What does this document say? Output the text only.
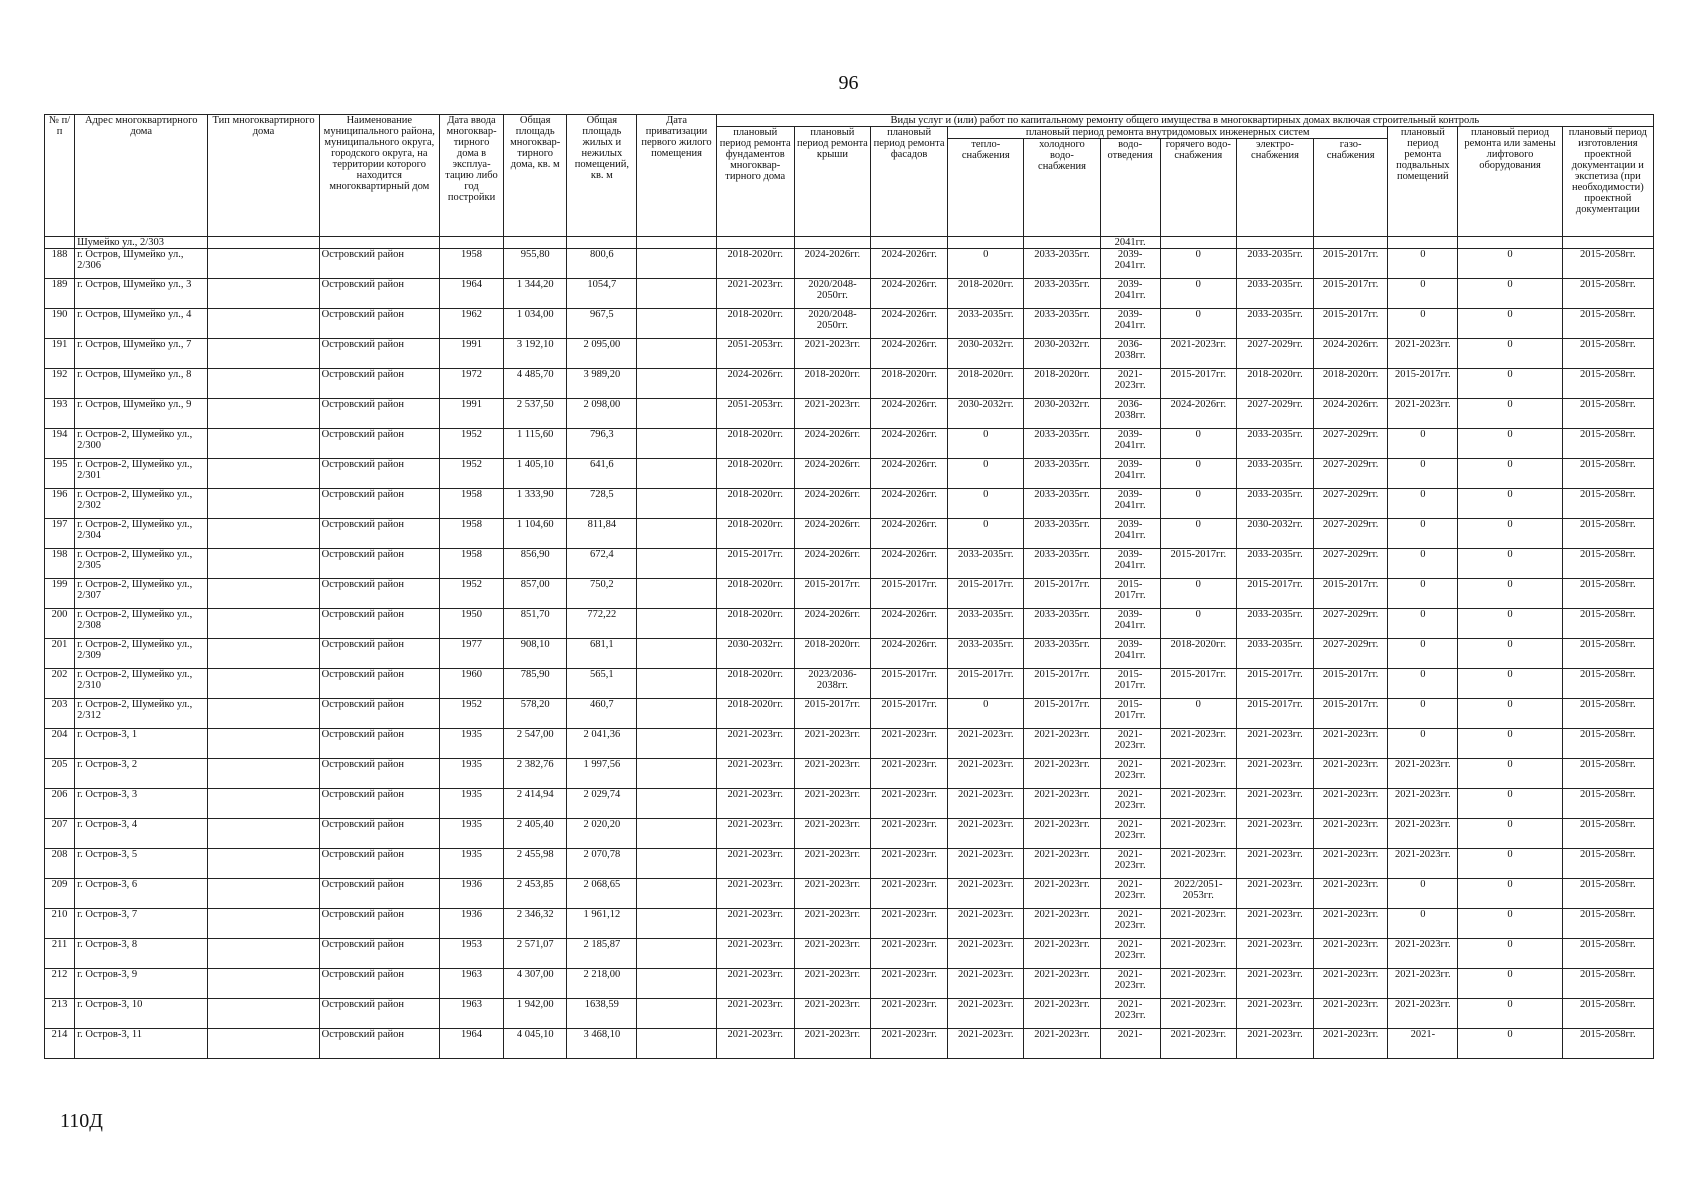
96
№ п/п	Адрес многоквартирного дома	Тип многоквартирного дома	Наименование муниципального района, муниципального округа, городского округа, на территории которого находится многоквартирный дом	Дата ввода многоквар-тирного дома в эксплуа-тацию либо год постройки	Общая площадь многоквар-тирного дома, кв. м	Общая площадь жилых и нежилых помещений, кв. м	Дата приватизации первого жилого помещения	Виды услуг и (или) работ по капитальному ремонту общего имущества в многоквартирных домах включая строительный контроль											
								плановый период ремонта фундаментов многоквар-тирного дома	плановый период ремонта крыши	плановый период ремонта фасадов	плановый период ремонта внутридомовых инженерных систем						плановый период ремонта подвальных помещений	плановый период ремонта или замены лифтового оборудования	плановый период изготовления проектной документации и экспетиза (при необходимости) проектной документации
											тепло-снабжения	холодного водо-снабжения	водо-отведения	горячего водо-снабжения	электро-снабжения	газо-снабжения			
	Шумейко ул., 2/303												2041гг.						
188	г. Остров, Шумейко ул., 2/306		Островский район	1958	955,80	800,6		2018-2020гг.	2024-2026гг.	2024-2026гг.	0	2033-2035гг.	2039-2041гг.	0	2033-2035гг.	2015-2017гг.	0	0	2015-2058гг.
189	г. Остров, Шумейко ул., 3		Островский район	1964	1 344,20	1054,7		2021-2023гг.	2020/2048-2050гг.	2024-2026гг.	2018-2020гг.	2033-2035гг.	2039-2041гг.	0	2033-2035гг.	2015-2017гг.	0	0	2015-2058гг.
190	г. Остров, Шумейко ул., 4		Островский район	1962	1 034,00	967,5		2018-2020гг.	2020/2048-2050гг.	2024-2026гг.	2033-2035гг.	2033-2035гг.	2039-2041гг.	0	2033-2035гг.	2015-2017гг.	0	0	2015-2058гг.
191	г. Остров, Шумейко ул., 7		Островский район	1991	3 192,10	2 095,00		2051-2053гг.	2021-2023гг.	2024-2026гг.	2030-2032гг.	2030-2032гг.	2036-2038гг.	2021-2023гг.	2027-2029гг.	2024-2026гг.	2021-2023гг.	0	2015-2058гг.
192	г. Остров, Шумейко ул., 8		Островский район	1972	4 485,70	3 989,20		2024-2026гг.	2018-2020гг.	2018-2020гг.	2018-2020гг.	2018-2020гг.	2021-2023гг.	2015-2017гг.	2018-2020гг.	2018-2020гг.	2015-2017гг.	0	2015-2058гг.
193	г. Остров, Шумейко ул., 9		Островский район	1991	2 537,50	2 098,00		2051-2053гг.	2021-2023гг.	2024-2026гг.	2030-2032гг.	2030-2032гг.	2036-2038гг.	2024-2026гг.	2027-2029гг.	2024-2026гг.	2021-2023гг.	0	2015-2058гг.
194	г. Остров-2, Шумейко ул., 2/300		Островский район	1952	1 115,60	796,3		2018-2020гг.	2024-2026гг.	2024-2026гг.	0	2033-2035гг.	2039-2041гг.	0	2033-2035гг.	2027-2029гг.	0	0	2015-2058гг.
195	г. Остров-2, Шумейко ул., 2/301		Островский район	1952	1 405,10	641,6		2018-2020гг.	2024-2026гг.	2024-2026гг.	0	2033-2035гг.	2039-2041гг.	0	2033-2035гг.	2027-2029гг.	0	0	2015-2058гг.
196	г. Остров-2, Шумейко ул., 2/302		Островский район	1958	1 333,90	728,5		2018-2020гг.	2024-2026гг.	2024-2026гг.	0	2033-2035гг.	2039-2041гг.	0	2033-2035гг.	2027-2029гг.	0	0	2015-2058гг.
197	г. Остров-2, Шумейко ул., 2/304		Островский район	1958	1 104,60	811,84		2018-2020гг.	2024-2026гг.	2024-2026гг.	0	2033-2035гг.	2039-2041гг.	0	2030-2032гг.	2027-2029гг.	0	0	2015-2058гг.
198	г. Остров-2, Шумейко ул., 2/305		Островский район	1958	856,90	672,4		2015-2017гг.	2024-2026гг.	2024-2026гг.	2033-2035гг.	2033-2035гг.	2039-2041гг.	2015-2017гг.	2033-2035гг.	2027-2029гг.	0	0	2015-2058гг.
199	г. Остров-2, Шумейко ул., 2/307		Островский район	1952	857,00	750,2		2018-2020гг.	2015-2017гг.	2015-2017гг.	2015-2017гг.	2015-2017гг.	2015-2017гг.	0	2015-2017гг.	2015-2017гг.	0	0	2015-2058гг.
200	г. Остров-2, Шумейко ул., 2/308		Островский район	1950	851,70	772,22		2018-2020гг.	2024-2026гг.	2024-2026гг.	2033-2035гг.	2033-2035гг.	2039-2041гг.	0	2033-2035гг.	2027-2029гг.	0	0	2015-2058гг.
201	г. Остров-2, Шумейко ул., 2/309		Островский район	1977	908,10	681,1		2030-2032гг.	2018-2020гг.	2024-2026гг.	2033-2035гг.	2033-2035гг.	2039-2041гг.	2018-2020гг.	2033-2035гг.	2027-2029гг.	0	0	2015-2058гг.
202	г. Остров-2, Шумейко ул., 2/310		Островский район	1960	785,90	565,1		2018-2020гг.	2023/2036-2038гг.	2015-2017гг.	2015-2017гг.	2015-2017гг.	2015-2017гг.	2015-2017гг.	2015-2017гг.	2015-2017гг.	0	0	2015-2058гг.
203	г. Остров-2, Шумейко ул., 2/312		Островский район	1952	578,20	460,7		2018-2020гг.	2015-2017гг.	2015-2017гг.	0	2015-2017гг.	2015-2017гг.	0	2015-2017гг.	2015-2017гг.	0	0	2015-2058гг.
204	г. Остров-3, 1		Островский район	1935	2 547,00	2 041,36		2021-2023гг.	2021-2023гг.	2021-2023гг.	2021-2023гг.	2021-2023гг.	2021-2023гг.	2021-2023гг.	2021-2023гг.	2021-2023гг.	0	0	2015-2058гг.
205	г. Остров-3, 2		Островский район	1935	2 382,76	1 997,56		2021-2023гг.	2021-2023гг.	2021-2023гг.	2021-2023гг.	2021-2023гг.	2021-2023гг.	2021-2023гг.	2021-2023гг.	2021-2023гг.	2021-2023гг.	0	2015-2058гг.
206	г. Остров-3, 3		Островский район	1935	2 414,94	2 029,74		2021-2023гг.	2021-2023гг.	2021-2023гг.	2021-2023гг.	2021-2023гг.	2021-2023гг.	2021-2023гг.	2021-2023гг.	2021-2023гг.	2021-2023гг.	0	2015-2058гг.
207	г. Остров-3, 4		Островский район	1935	2 405,40	2 020,20		2021-2023гг.	2021-2023гг.	2021-2023гг.	2021-2023гг.	2021-2023гг.	2021-2023гг.	2021-2023гг.	2021-2023гг.	2021-2023гг.	2021-2023гг.	0	2015-2058гг.
208	г. Остров-3, 5		Островский район	1935	2 455,98	2 070,78		2021-2023гг.	2021-2023гг.	2021-2023гг.	2021-2023гг.	2021-2023гг.	2021-2023гг.	2021-2023гг.	2021-2023гг.	2021-2023гг.	2021-2023гг.	0	2015-2058гг.
209	г. Остров-3, 6		Островский район	1936	2 453,85	2 068,65		2021-2023гг.	2021-2023гг.	2021-2023гг.	2021-2023гг.	2021-2023гг.	2021-2023гг.	2022/2051-2053гг.	2021-2023гг.	2021-2023гг.	0	0	2015-2058гг.
210	г. Остров-3, 7		Островский район	1936	2 346,32	1 961,12		2021-2023гг.	2021-2023гг.	2021-2023гг.	2021-2023гг.	2021-2023гг.	2021-2023гг.	2021-2023гг.	2021-2023гг.	2021-2023гг.	0	0	2015-2058гг.
211	г. Остров-3, 8		Островский район	1953	2 571,07	2 185,87		2021-2023гг.	2021-2023гг.	2021-2023гг.	2021-2023гг.	2021-2023гг.	2021-2023гг.	2021-2023гг.	2021-2023гг.	2021-2023гг.	2021-2023гг.	0	2015-2058гг.
212	г. Остров-3, 9		Островский район	1963	4 307,00	2 218,00		2021-2023гг.	2021-2023гг.	2021-2023гг.	2021-2023гг.	2021-2023гг.	2021-2023гг.	2021-2023гг.	2021-2023гг.	2021-2023гг.	2021-2023гг.	0	2015-2058гг.
213	г. Остров-3, 10		Островский район	1963	1 942,00	1638,59		2021-2023гг.	2021-2023гг.	2021-2023гг.	2021-2023гг.	2021-2023гг.	2021-2023гг.	2021-2023гг.	2021-2023гг.	2021-2023гг.	2021-2023гг.	0	2015-2058гг.
214	г. Остров-3, 11		Островский район	1964	4 045,10	3 468,10		2021-2023гг.	2021-2023гг.	2021-2023гг.	2021-2023гг.	2021-2023гг.	2021-	2021-2023гг.	2021-2023гг.	2021-2023гг.	2021-	0	2015-2058гг.
110Д
